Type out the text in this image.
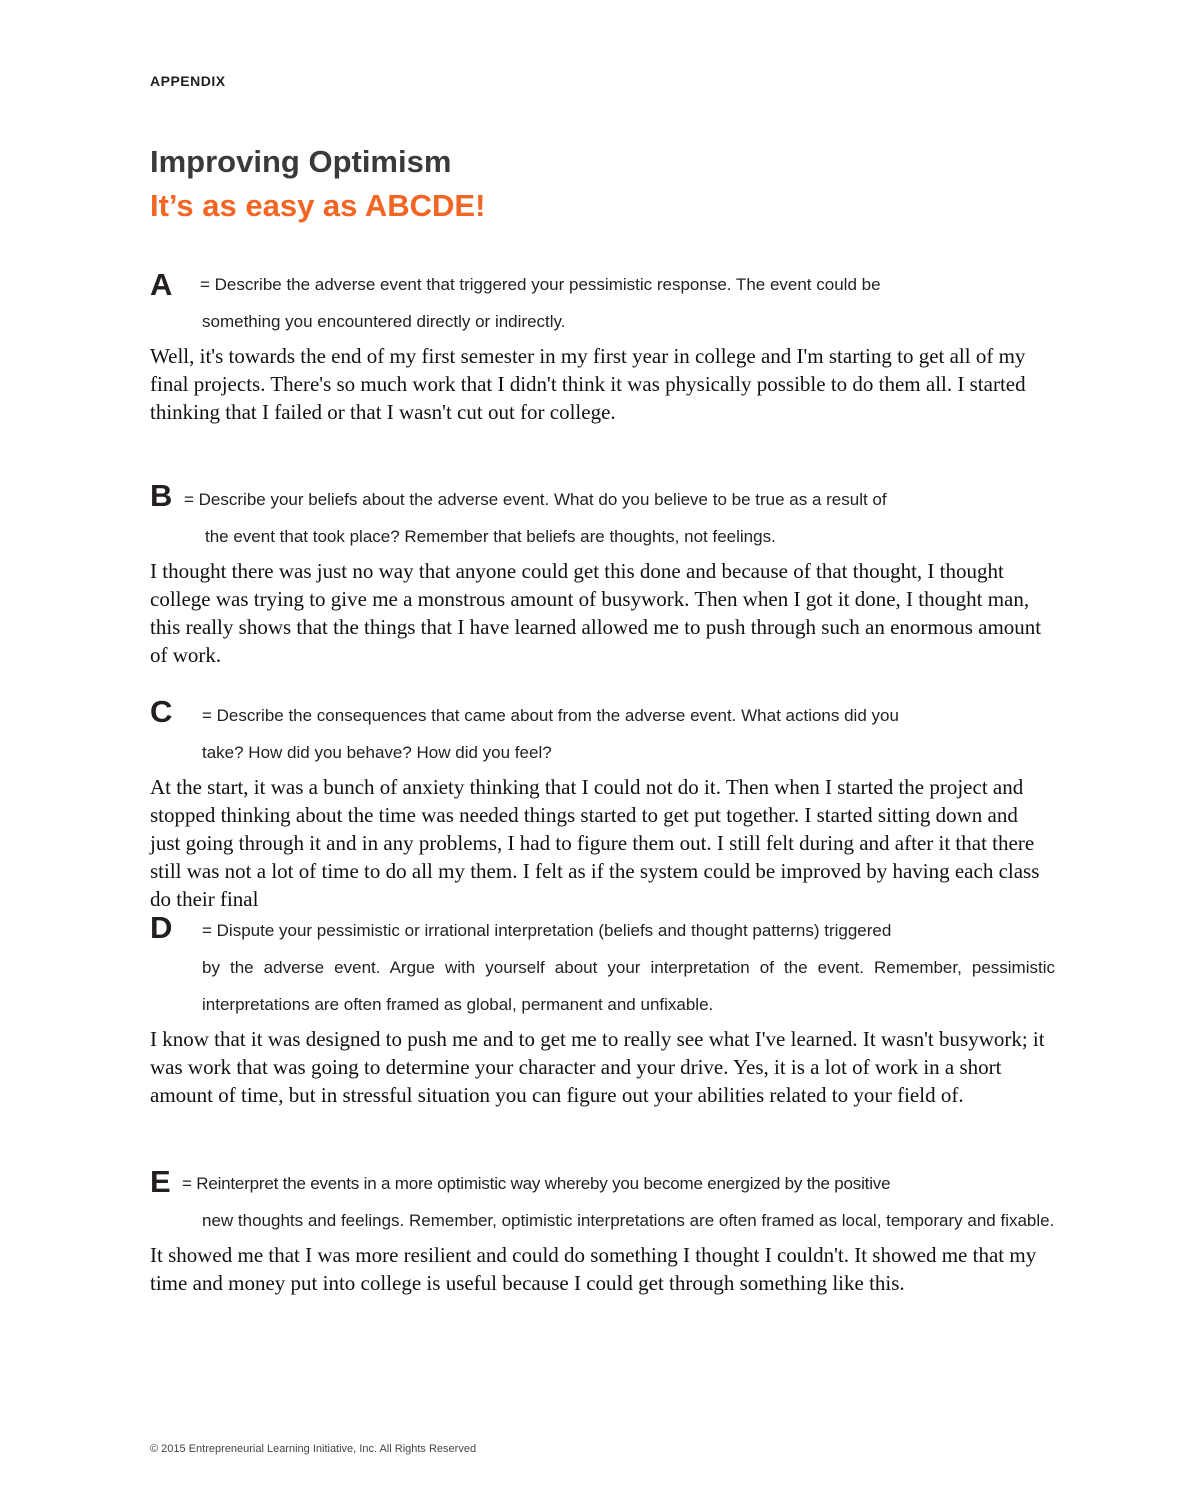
APPENDIX
Improving Optimism
It’s as easy as ABCDE!
A = Describe the adverse event that triggered your pessimistic response. The event could be
something you encountered directly or indirectly.

Well, it's towards the end of my first semester in my first year in college and I'm starting to get all of my final projects. There's so much work that I didn't think it was physically possible to do them all. I started thinking that I failed or that I wasn't cut out for college.

B = Describe your beliefs about the adverse event. What do you believe to be true as a result of
the event that took place? Remember that beliefs are thoughts, not feelings.

I thought there was just no way that anyone could get this done and because of that thought, I thought college was trying to give me a monstrous amount of busywork. Then when I got it done, I thought man, this really shows that the things that I have learned allowed me to push through such an enormous amount of work.

C = Describe the consequences that came about from the adverse event. What actions did you
take? How did you behave? How did you feel?

At the start, it was a bunch of anxiety thinking that I could not do it. Then when I started the project and stopped thinking about the time was needed things started to get put together. I started sitting down and just going through it and in any problems, I had to figure them out. I still felt during and after it that there still was not a lot of time to do all my them. I felt as if the system could be improved by having each class do their final

D = Dispute your pessimistic or irrational interpretation (beliefs and thought patterns) triggered
by the adverse event. Argue with yourself about your interpretation of the event. Remember, pessimistic interpretations are often framed as global, permanent and unfixable.

I know that it was designed to push me and to get me to really see what I've learned. It wasn't busywork; it was work that was going to determine your character and your drive. Yes, it is a lot of work in a short amount of time, but in stressful situation you can figure out your abilities related to your field of.

E = Reinterpret the events in a more optimistic way whereby you become energized by the positive
new thoughts and feelings. Remember, optimistic interpretations are often framed as local, temporary and fixable.

It showed me that I was more resilient and could do something I thought I couldn't. It showed me that my time and money put into college is useful because I could get through something like this.

© 2015 Entrepreneurial Learning Initiative, Inc. All Rights Reserved
